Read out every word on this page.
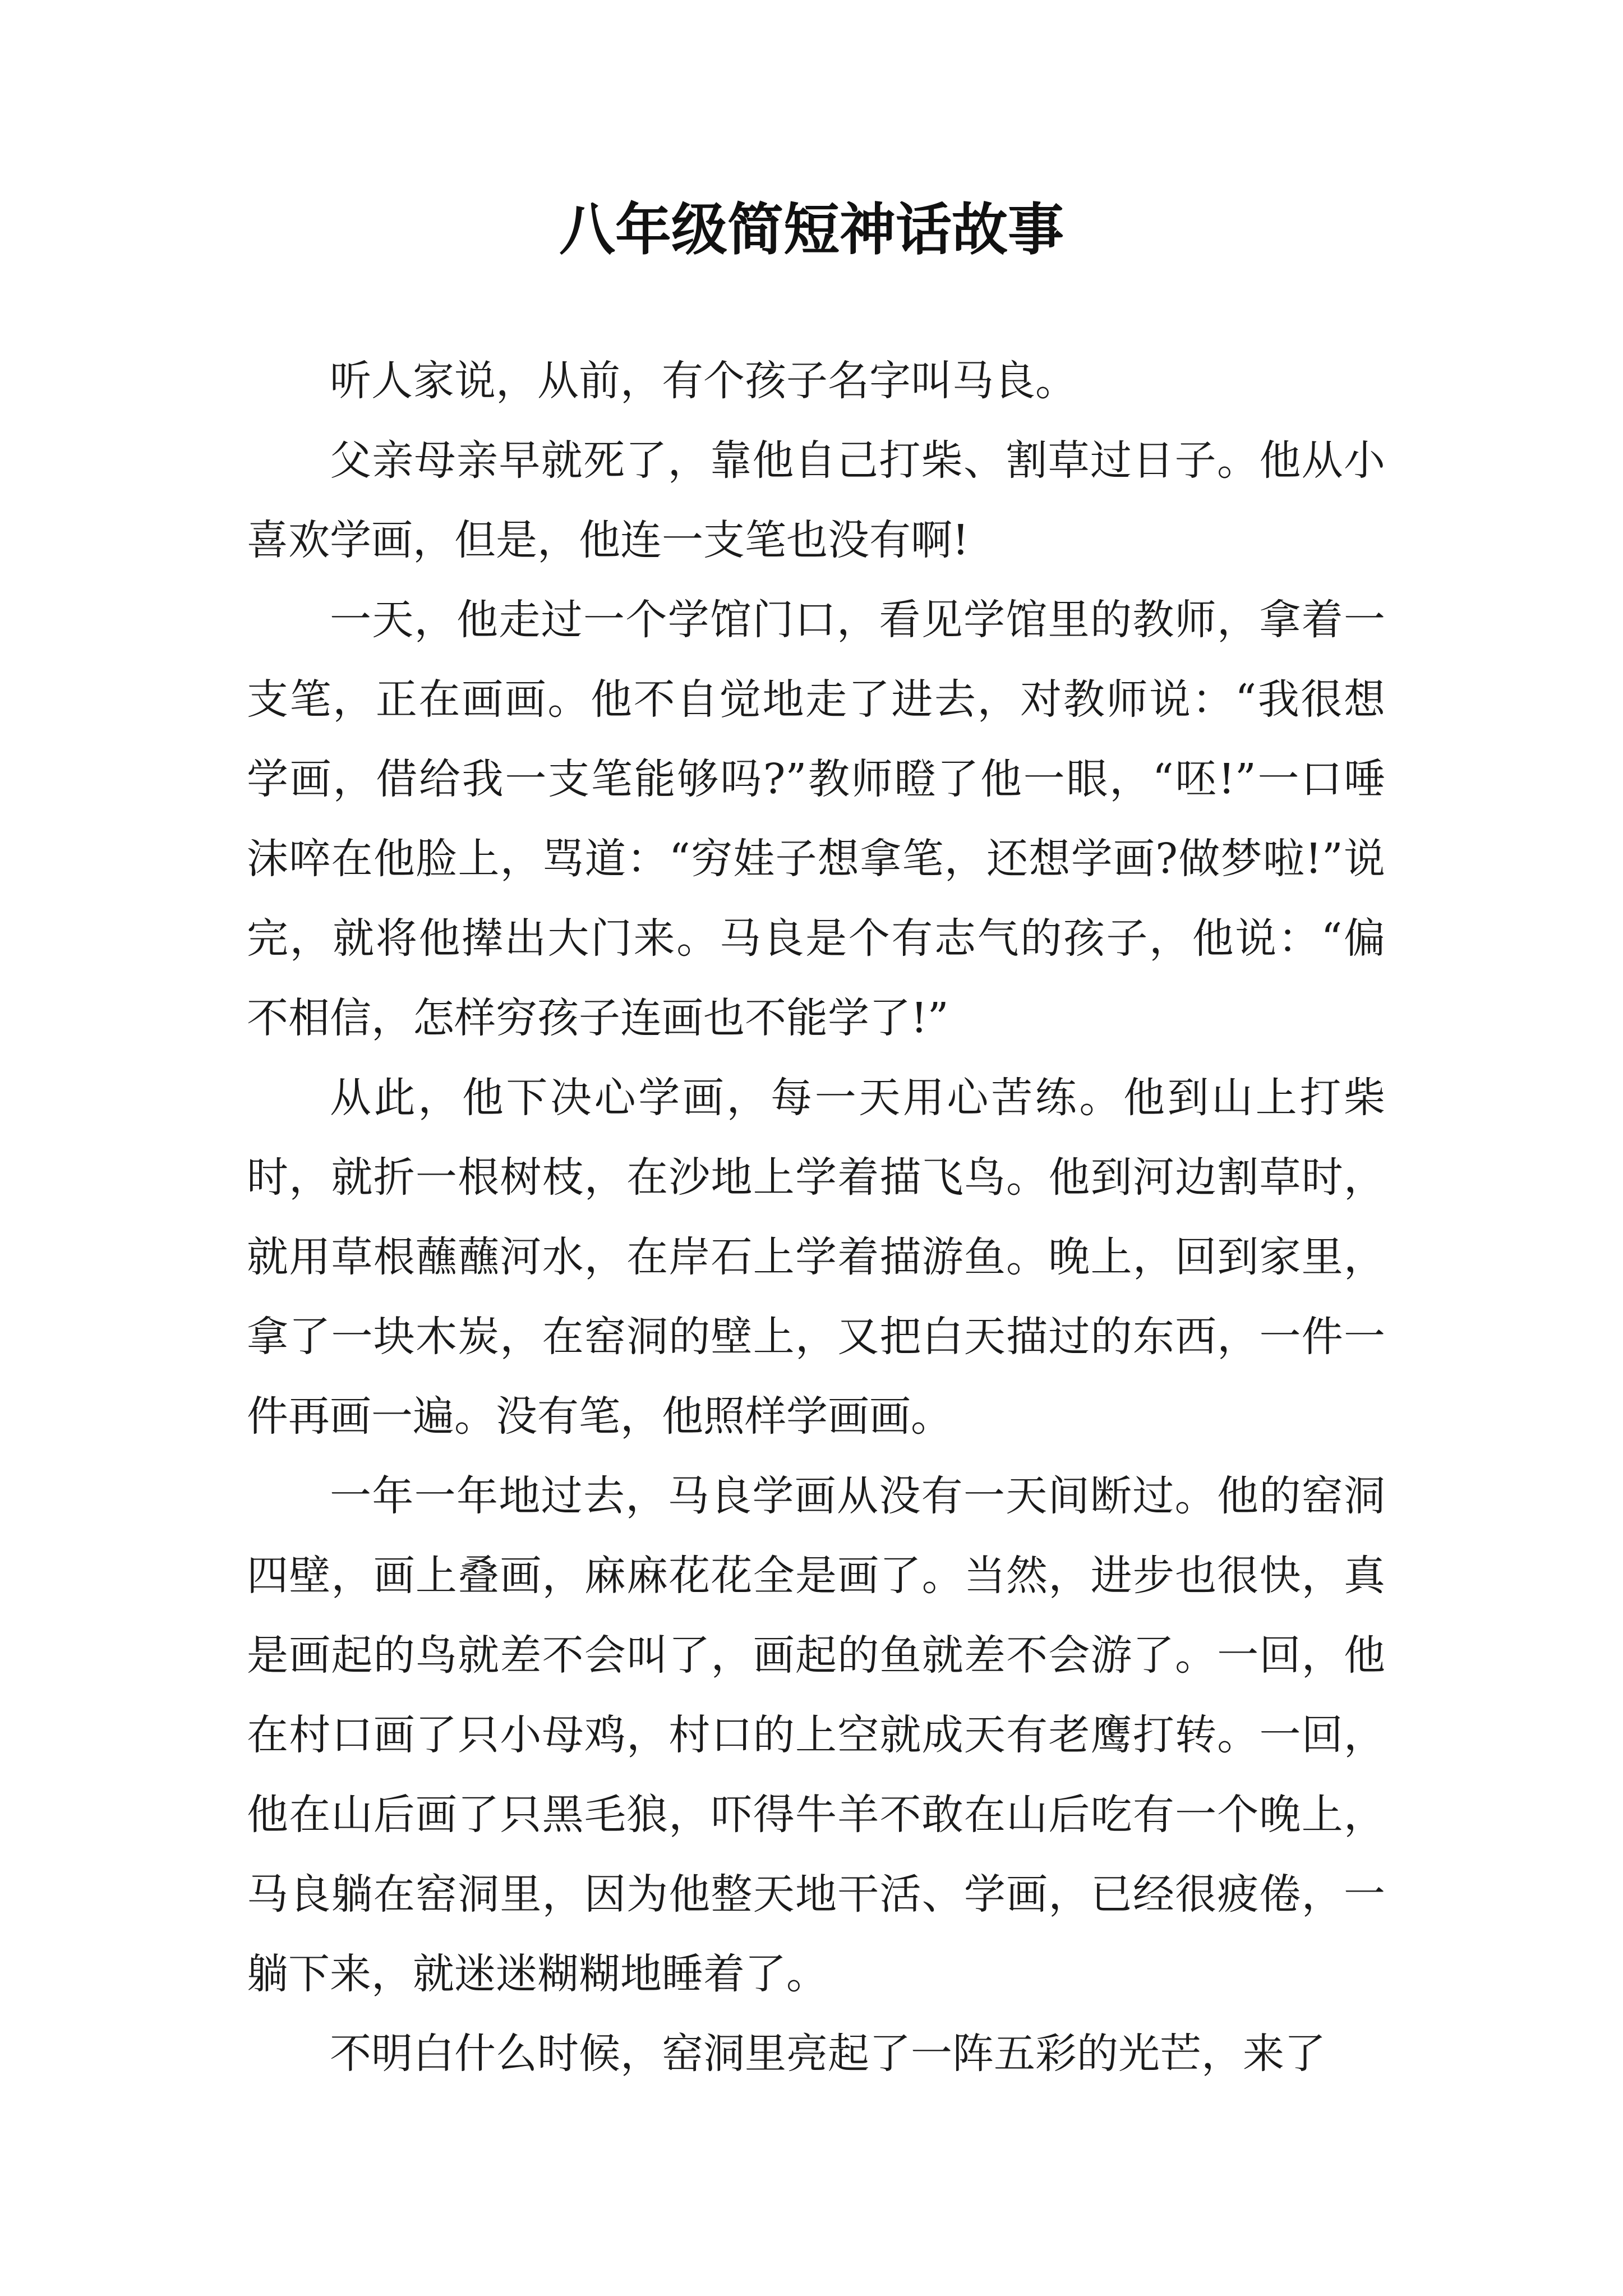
八年级简短神话故事

听人家说，从前，有个孩子名字叫马良。

父亲母亲早就死了，靠他自己打柴、割草过日子。他从小喜欢学画，但是，他连一支笔也没有啊!

一天，他走过一个学馆门口，看见学馆里的教师，拿着一支笔，正在画画。他不自觉地走了进去，对教师说：“我很想学画，借给我一支笔能够吗?”教师瞪了他一眼，“呸!”一口唾沫啐在他脸上，骂道：“穷娃子想拿笔，还想学画?做梦啦!”说完，就将他撵出大门来。马良是个有志气的孩子，他说：“偏不相信，怎样穷孩子连画也不能学了!”

从此，他下决心学画，每一天用心苦练。他到山上打柴时，就折一根树枝，在沙地上学着描飞鸟。他到河边割草时，就用草根蘸蘸河水，在岸石上学着描游鱼。晚上，回到家里，拿了一块木炭，在窑洞的壁上，又把白天描过的东西，一件一件再画一遍。没有笔，他照样学画画。

一年一年地过去，马良学画从没有一天间断过。他的窑洞四壁，画上叠画，麻麻花花全是画了。当然，进步也很快，真是画起的鸟就差不会叫了，画起的鱼就差不会游了。一回，他在村口画了只小母鸡，村口的上空就成天有老鹰打转。一回，他在山后画了只黑毛狼，吓得牛羊不敢在山后吃有一个晚上，马良躺在窑洞里，因为他整天地干活、学画，已经很疲倦，一躺下来，就迷迷糊糊地睡着了。

不明白什么时候，窑洞里亮起了一阵五彩的光芒，来了
